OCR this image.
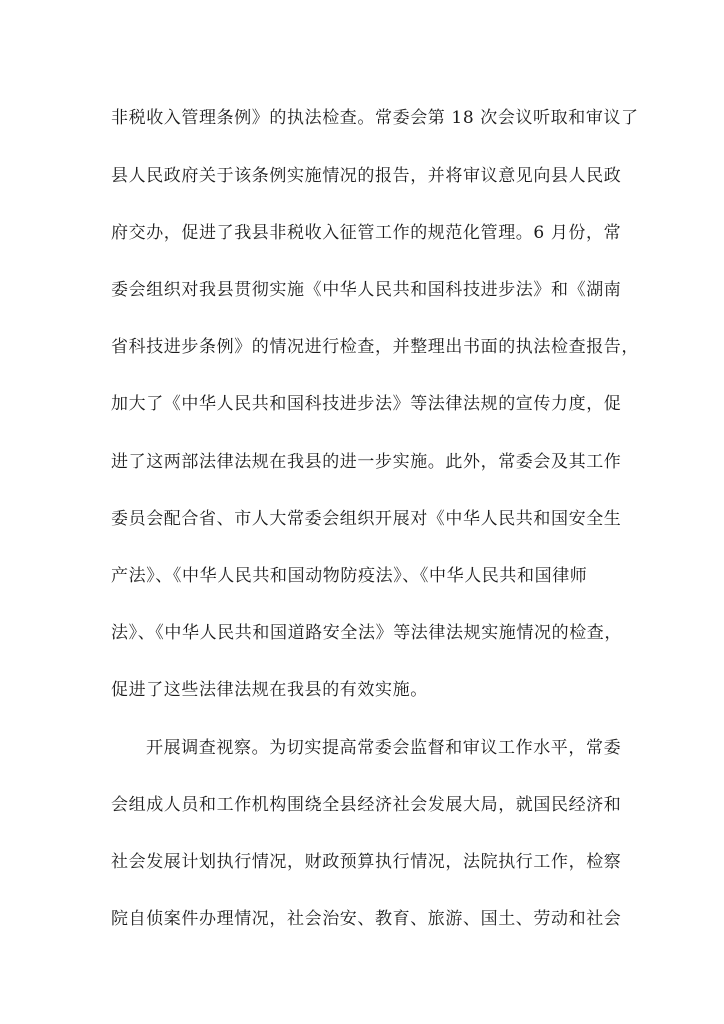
非税收入管理条例》的执法检查。常委会第 18 次会议听取和审议了
县人民政府关于该条例实施情况的报告，并将审议意见向县人民政
府交办，促进了我县非税收入征管工作的规范化管理。6 月份，常
委会组织对我县贯彻实施《中华人民共和国科技进步法》和《湖南
省科技进步条例》的情况进行检查，并整理出书面的执法检查报告，
加大了《中华人民共和国科技进步法》等法律法规的宣传力度，促
进了这两部法律法规在我县的进一步实施。此外，常委会及其工作
委员会配合省、市人大常委会组织开展对《中华人民共和国安全生
产法》、《中华人民共和国动物防疫法》、《中华人民共和国律师
法》、《中华人民共和国道路安全法》等法律法规实施情况的检查，
促进了这些法律法规在我县的有效实施。
开展调查视察。为切实提高常委会监督和审议工作水平，常委
会组成人员和工作机构围绕全县经济社会发展大局，就国民经济和
社会发展计划执行情况，财政预算执行情况，法院执行工作，检察
院自侦案件办理情况，社会治安、教育、旅游、国土、劳动和社会
